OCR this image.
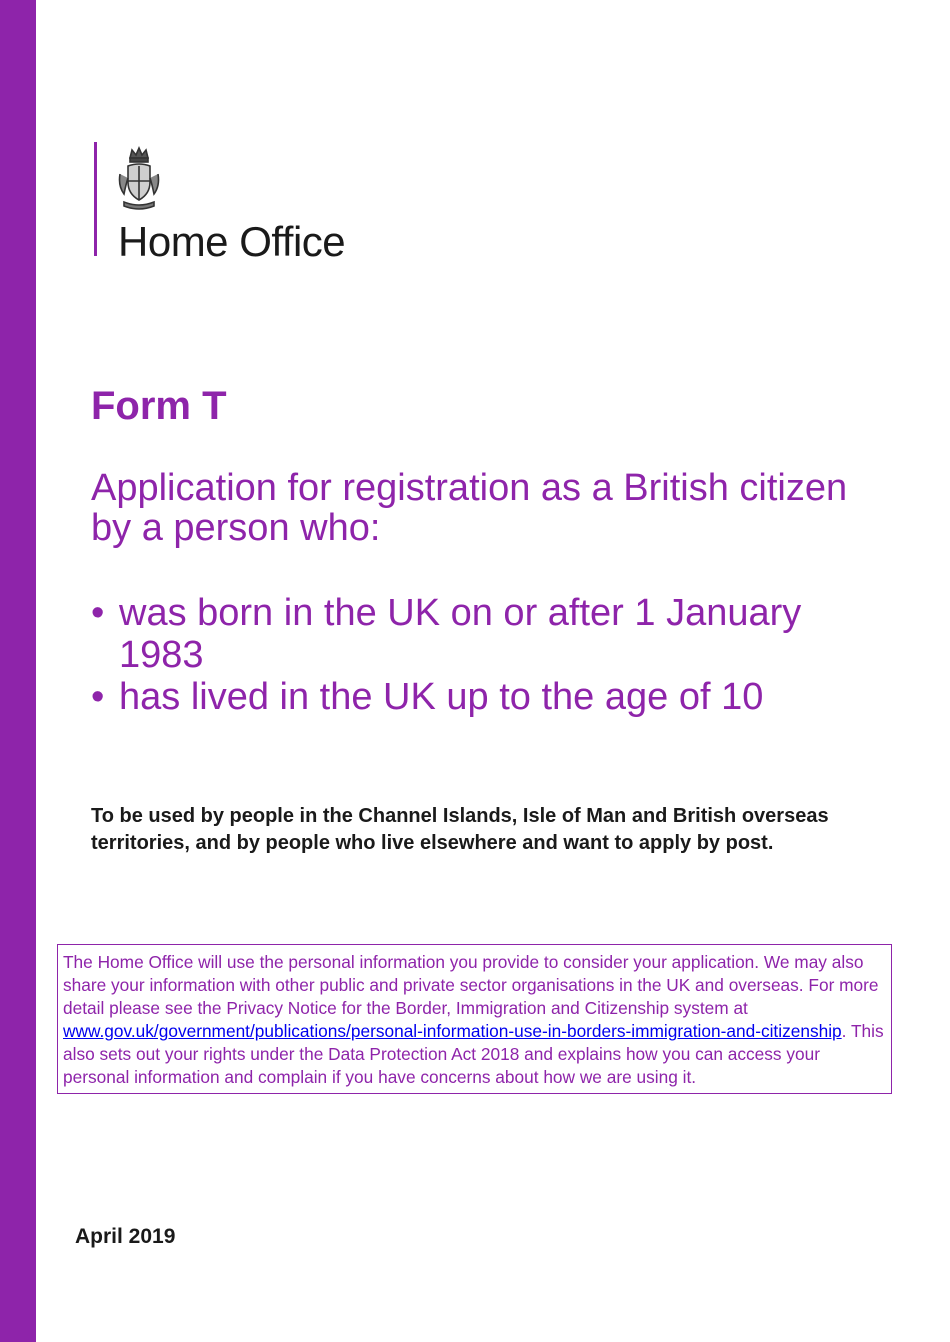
Home Office
Form T
Application for registration as a British citizen by a person who:
• was born in the UK on or after 1 January 1983
• has lived in the UK up to the age of 10

To be used by people in the Channel Islands, Isle of Man and British overseas territories, and by people who live elsewhere and want to apply by post.

The Home Office will use the personal information you provide to consider your application. We may also share your information with other public and private sector organisations in the UK and overseas. For more detail please see the Privacy Notice for the Border, Immigration and Citizenship system at www.gov.uk/government/publications/personal-information-use-in-borders-immigration-and-citizenship. This also sets out your rights under the Data Protection Act 2018 and explains how you can access your personal information and complain if you have concerns about how we are using it.

April 2019
